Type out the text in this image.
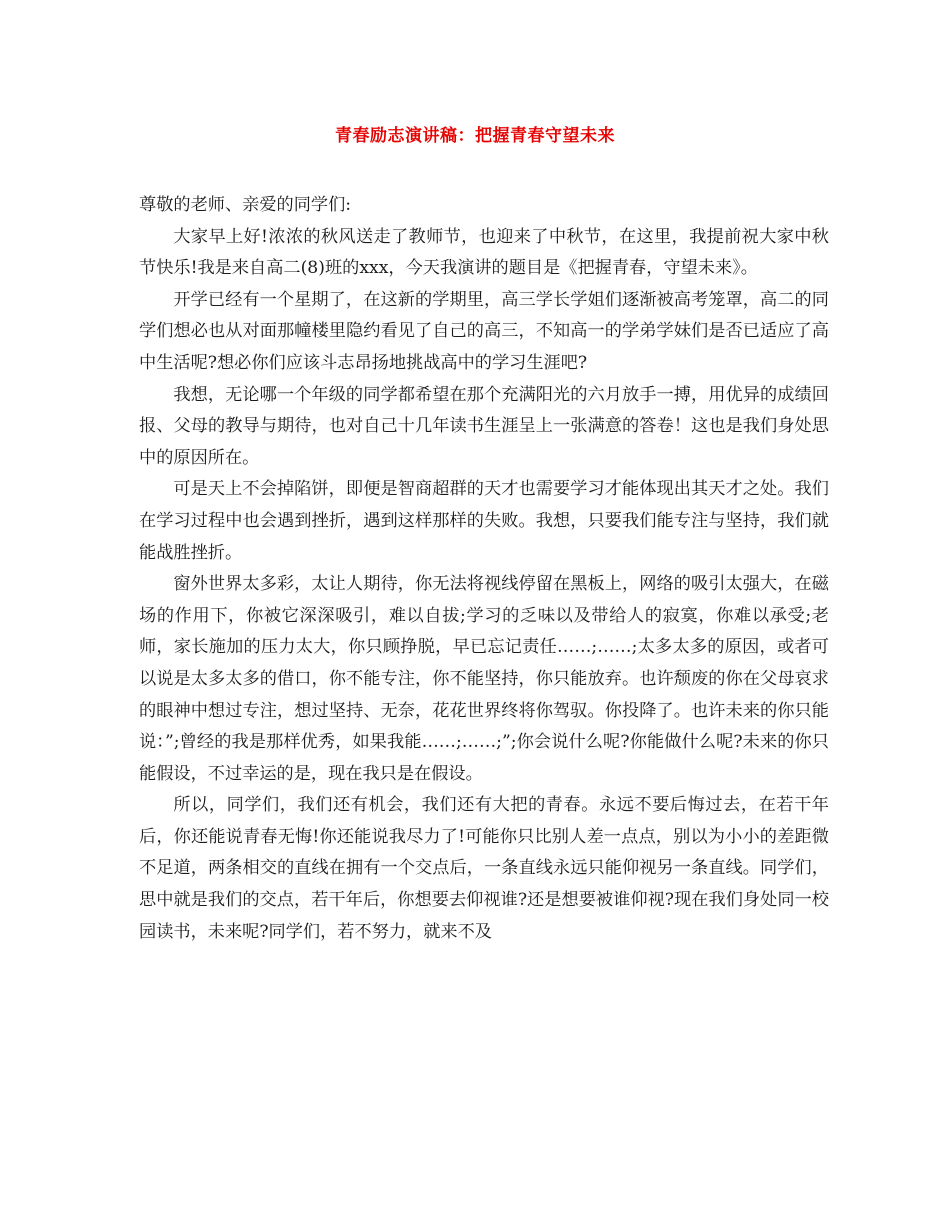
青春励志演讲稿：把握青春守望未来

尊敬的老师、亲爱的同学们:

大家早上好!浓浓的秋风送走了教师节，也迎来了中秋节，在这里，我提前祝大家中秋节快乐!我是来自高二(8)班的xxx，今天我演讲的题目是《把握青春，守望未来》。

开学已经有一个星期了，在这新的学期里，高三学长学姐们逐渐被高考笼罩，高二的同学们想必也从对面那幢楼里隐约看见了自己的高三，不知高一的学弟学妹们是否已适应了高中生活呢?想必你们应该斗志昂扬地挑战高中的学习生涯吧?

我想，无论哪一个年级的同学都希望在那个充满阳光的六月放手一搏，用优异的成绩回报、父母的教导与期待，也对自己十几年读书生涯呈上一张满意的答卷！这也是我们身处思中的原因所在。

可是天上不会掉陷饼，即便是智商超群的天才也需要学习才能体现出其天才之处。我们在学习过程中也会遇到挫折，遇到这样那样的失败。我想，只要我们能专注与坚持，我们就能战胜挫折。

窗外世界太多彩，太让人期待，你无法将视线停留在黑板上，网络的吸引太强大，在磁场的作用下，你被它深深吸引，难以自拔;学习的乏味以及带给人的寂寞，你难以承受;老师，家长施加的压力太大，你只顾挣脱，早已忘记责任……;……;太多太多的原因，或者可以说是太多太多的借口，你不能专注，你不能坚持，你只能放弃。也许颓废的你在父母哀求的眼神中想过专注，想过坚持、无奈，花花世界终将你驾驭。你投降了。也许未来的你只能说：”;曾经的我是那样优秀，如果我能……;……;”;你会说什么呢?你能做什么呢?未来的你只能假设，不过幸运的是，现在我只是在假设。

所以，同学们，我们还有机会，我们还有大把的青春。永远不要后悔过去，在若干年后，你还能说青春无悔!你还能说我尽力了!可能你只比别人差一点点，别以为小小的差距微不足道，两条相交的直线在拥有一个交点后，一条直线永远只能仰视另一条直线。同学们，思中就是我们的交点，若干年后，你想要去仰视谁?还是想要被谁仰视?现在我们身处同一校园读书，未来呢?同学们，若不努力，就来不及
